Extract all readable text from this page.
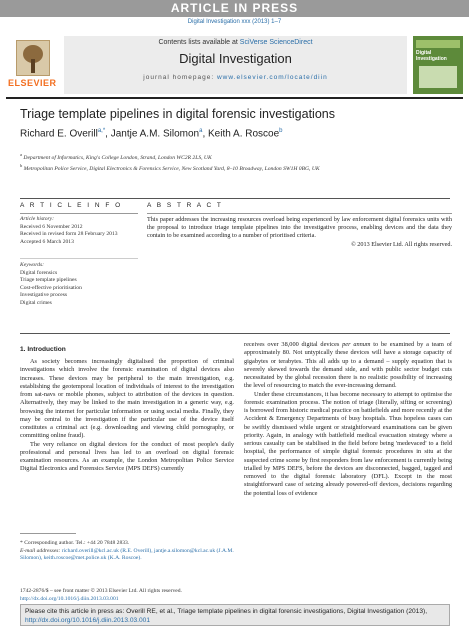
ARTICLE IN PRESS
Digital Investigation xxx (2013) 1–7
ELSEVIER
Contents lists available at SciVerse ScienceDirect
Digital Investigation
journal homepage: www.elsevier.com/locate/diin
Digital Investigation
Triage template pipelines in digital forensic investigations
Richard E. Overill$^{a,*}$, Jantje A.M. Silomon$^a$, Keith A. Roscoe$^b$
$^a$ Department of Informatics, King's College London, Strand, London WC2R 2LS, UK
$^b$ Metropolitan Police Service, Digital Electronics & Forensics Service, New Scotland Yard, 8–10 Broadway, London SW1H 0BG, UK
A R T I C L E I N F O	A B S T R A C T
Article history:
Received 6 November 2012
Received in revised form 28 February 2013
Accepted 6 March 2013
Keywords:
Digital forensics
Triage template pipelines
Cost-effective prioritisation
Investigative process
Digital crimes
This paper addresses the increasing resources overload being experienced by law enforcement digital forensics units with the proposal to introduce triage template pipelines into the investigative process, enabling devices and the data they contain to be examined according to a number of prioritised criteria.
© 2013 Elsevier Ltd. All rights reserved.
1. Introduction

As society becomes increasingly digitalised the proportion of criminal investigations which involve the forensic examination of digital devices also increases. These devices may be peripheral to the main investigation, e.g. establishing the geotemporal location of individuals of interest to the investigation from sat-navs or mobile phones, subject to attribution of the devices in question. Alternatively, they may be linked to the main investigation in a generic way, e.g. browsing the internet for particular information or using social media. Finally, they may be central to the investigation if the particular use of the device itself constitutes a criminal act (e.g. downloading and viewing child pornography, or committing online fraud).

The very reliance on digital devices for the conduct of most people's daily professional and personal lives has led to an overload on digital forensic examination resources. As an example, the London Metropolitan Police Service Digital Electronics and Forensics Service (MPS DEFS) currently

* Corresponding author. Tel.: +44 20 7848 2833.
E-mail addresses: richard.overill@kcl.ac.uk (R.E. Overill), jantje.a.silomon@kcl.ac.uk (J.A.M. Silomon), keith.roscoe@met.police.uk (K.A. Roscoe).
1742-2876/$ – see front matter © 2013 Elsevier Ltd. All rights reserved.
http://dx.doi.org/10.1016/j.diin.2013.03.001

receives over 38,000 digital devices per annum to be examined by a team of approximately 80. Not untypically these devices will have a storage capacity of gigabytes or terabytes. This all adds up to a demand – supply equation that is severely skewed towards the demand side, and with public sector budget cuts necessitated by the global recession there is no realistic possibility of increasing the level of resourcing to match the ever-increasing demand.

Under these circumstances, it has become necessary to attempt to optimise the forensic examination process. The notion of triage (literally, sifting or screening) is borrowed from historic medical practice on battlefields and more recently at the Accident & Emergency Departments of busy hospitals. Thus hopeless cases can be swiftly dismissed while urgent or straightforward examinations can be given priority. Again, in analogy with battlefield medical evacuation strategy where a serious casualty can be stabilised in the field before being 'medevaced' to a field hospital, the performance of simple digital forensic procedures in situ at the suspected crime scene by first responders from law enforcement is currently being trialled by MPS DEFS, before the devices are disconnected, bagged, tagged and removed to the digital forensic laboratory (DFL). Except in the most straightforward case of seizing already powered-off devices, decisions regarding the potential loss of evidence

Please cite this article in press as: Overill RE, et al., Triage template pipelines in digital forensic investigations, Digital Investigation (2013), http://dx.doi.org/10.1016/j.diin.2013.03.001
